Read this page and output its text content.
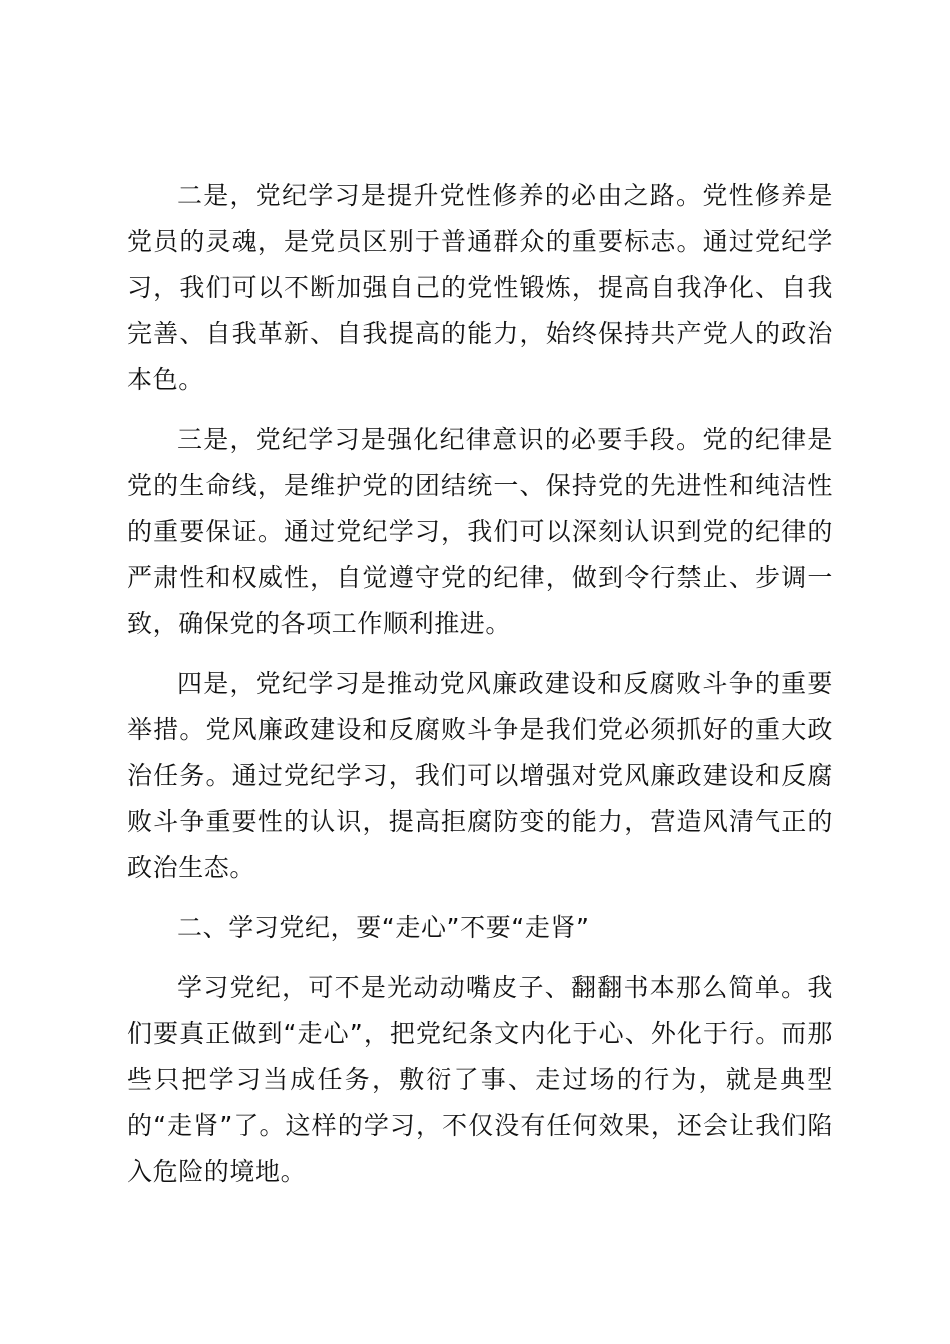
二是，党纪学习是提升党性修养的必由之路。党性修养是党员的灵魂，是党员区别于普通群众的重要标志。通过党纪学习，我们可以不断加强自己的党性锻炼，提高自我净化、自我完善、自我革新、自我提高的能力，始终保持共产党人的政治本色。

三是，党纪学习是强化纪律意识的必要手段。党的纪律是党的生命线，是维护党的团结统一、保持党的先进性和纯洁性的重要保证。通过党纪学习，我们可以深刻认识到党的纪律的严肃性和权威性，自觉遵守党的纪律，做到令行禁止、步调一致，确保党的各项工作顺利推进。

四是，党纪学习是推动党风廉政建设和反腐败斗争的重要举措。党风廉政建设和反腐败斗争是我们党必须抓好的重大政治任务。通过党纪学习，我们可以增强对党风廉政建设和反腐败斗争重要性的认识，提高拒腐防变的能力，营造风清气正的政治生态。

二、学习党纪，要“走心”不要“走肾”

学习党纪，可不是光动动嘴皮子、翻翻书本那么简单。我们要真正做到“走心”，把党纪条文内化于心、外化于行。而那些只把学习当成任务，敷衍了事、走过场的行为，就是典型的“走肾”了。这样的学习，不仅没有任何效果，还会让我们陷入危险的境地。
